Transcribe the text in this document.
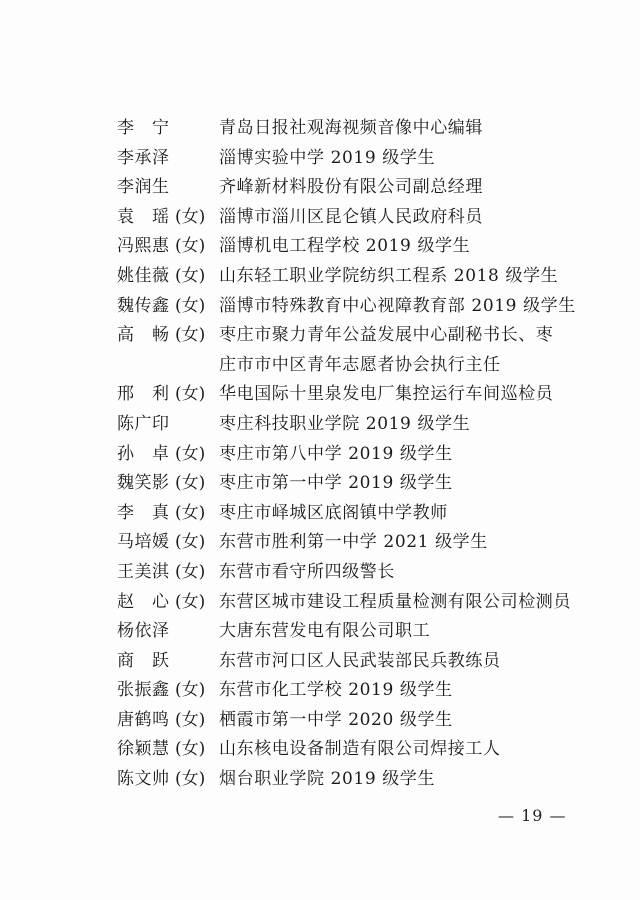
李　宁	青岛日报社观海视频音像中心编辑
李承泽	淄博实验中学 2019 级学生
李润生	齐峰新材料股份有限公司副总经理
袁　瑶 (女) 淄博市淄川区昆仑镇人民政府科员
冯熙惠 (女) 淄博机电工程学校 2019 级学生
姚佳薇 (女) 山东轻工职业学院纺织工程系 2018 级学生
魏传鑫 (女) 淄博市特殊教育中心视障教育部 2019 级学生
高　畅 (女) 枣庄市聚力青年公益发展中心副秘书长、枣庄市市中区青年志愿者协会执行主任
邢　利 (女) 华电国际十里泉发电厂集控运行车间巡检员
陈广印	枣庄科技职业学院 2019 级学生
孙　卓 (女) 枣庄市第八中学 2019 级学生
魏笑影 (女) 枣庄市第一中学 2019 级学生
李　真 (女) 枣庄市峄城区底阁镇中学教师
马培媛 (女) 东营市胜利第一中学 2021 级学生
王美淇 (女) 东营市看守所四级警长
赵　心 (女) 东营区城市建设工程质量检测有限公司检测员
杨依泽	大唐东营发电有限公司职工
商　跃	东营市河口区人民武装部民兵教练员
张振鑫 (女) 东营市化工学校 2019 级学生
唐鹤鸣 (女) 栖霞市第一中学 2020 级学生
徐颖慧 (女) 山东核电设备制造有限公司焊接工人
陈文帅 (女) 烟台职业学院 2019 级学生
— 19 —
